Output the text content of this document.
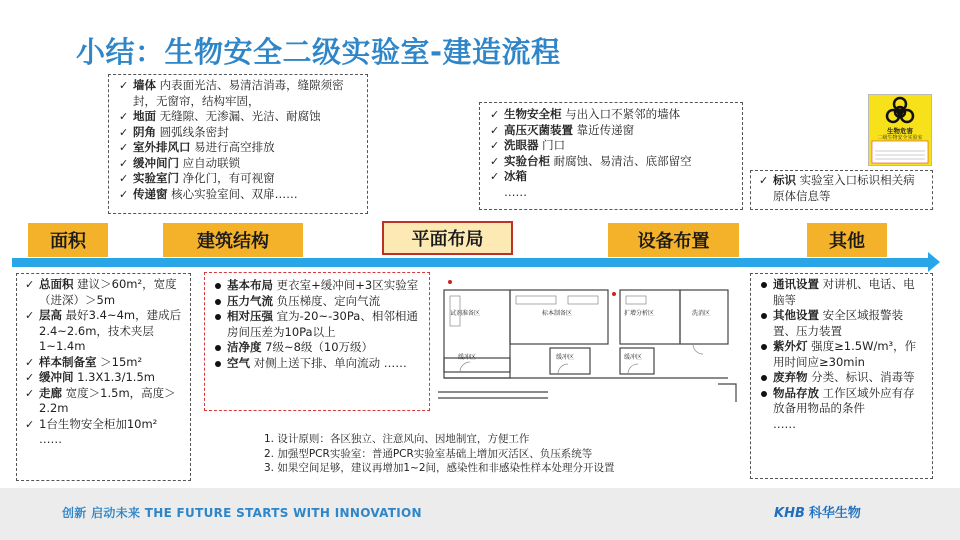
小结：生物安全二级实验室-建造流程
✓ 墙体 内表面光洁、易清洁消毒，缝隙须密封，无窗帘，结构牢固，
✓ 地面 无缝隙、无渗漏、光洁、耐腐蚀
✓ 阴角 圆弧线条密封
✓ 室外排风口 易进行高空排放
✓ 缓冲间门 应自动联锁
✓ 实验室门 净化门，有可视窗
✓ 传递窗 核心实验室间、双扉……
✓ 生物安全柜 与出入口不紧邻的墙体
✓ 高压灭菌装置 靠近传递窗
✓ 洗眼器 门口
✓ 实验台柜 耐腐蚀、易清洁、底部留空
✓ 冰箱
……
✓ 标识 实验室入口标识相关病原体信息等
生物危害
二级生物安全实验室
面积	建筑结构	平面布局	设备布置	其他
✓ 总面积 建议＞60m²，宽度（进深）＞5m
✓ 层高 最好3.4~4m，建成后2.4~2.6m，技术夹层1~1.4m
✓ 样本制备室 ＞15m²
✓ 缓冲间 1.3X1.3/1.5m
✓ 走廊 宽度＞1.5m，高度＞2.2m
✓ 1台生物安全柜加10m²
……
基本布局 更衣室+缓冲间+3区实验室
压力气流 负压梯度、定向气流
相对压强 宜为-20~-30Pa、相邻相通房间压差为10Pa以上
洁净度 7级~8级（10万级）
空气 对侧上送下排、单向流动 ……
试剂准备区	标本制备区	扩增分析区
缓冲区	缓冲区	缓冲区
洗消区
通讯设置 对讲机、电话、电脑等
其他设置 安全区域报警装置、压力装置
紫外灯 强度≥1.5W/m³，作用时间应≥30min
废弃物 分类、标识、消毒等
物品存放 工作区域外应有存放备用物品的条件
……
1. 设计原则：各区独立、注意风向、因地制宜，方便工作
2. 加强型PCR实验室：普通PCR实验室基础上增加灭活区、负压系统等
3. 如果空间足够，建议再增加1~2间，感染性和非感染性样本处理分开设置
创新 启动未来 THE FUTURE STARTS WITH INNOVATION	KHB 科华生物
